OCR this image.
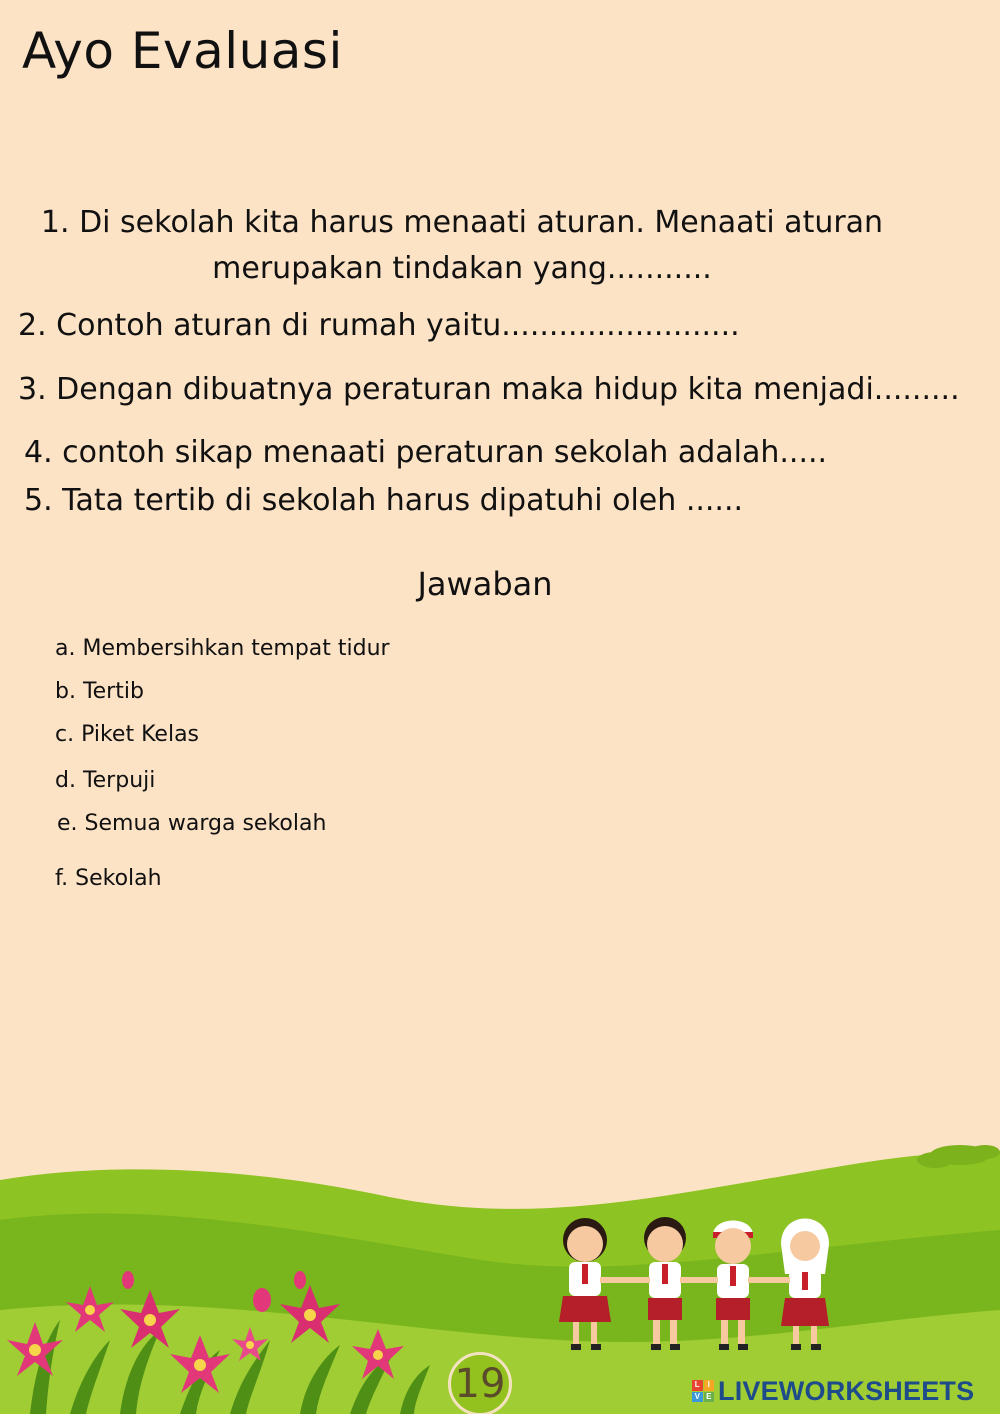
Ayo Evaluasi
1. Di sekolah kita harus menaati aturan. Menaati aturan merupakan tindakan yang...........
2. Contoh aturan di rumah yaitu.........................
3. Dengan dibuatnya peraturan maka hidup kita menjadi.........
4. contoh sikap menaati peraturan sekolah adalah.....
5. Tata tertib di sekolah harus dipatuhi oleh ......
Jawaban
a. Membersihkan tempat tidur
b. Tertib
c. Piket Kelas
d. Terpuji
e. Semua warga sekolah
f. Sekolah
19	L I
V E LIVEWORKSHEETS
